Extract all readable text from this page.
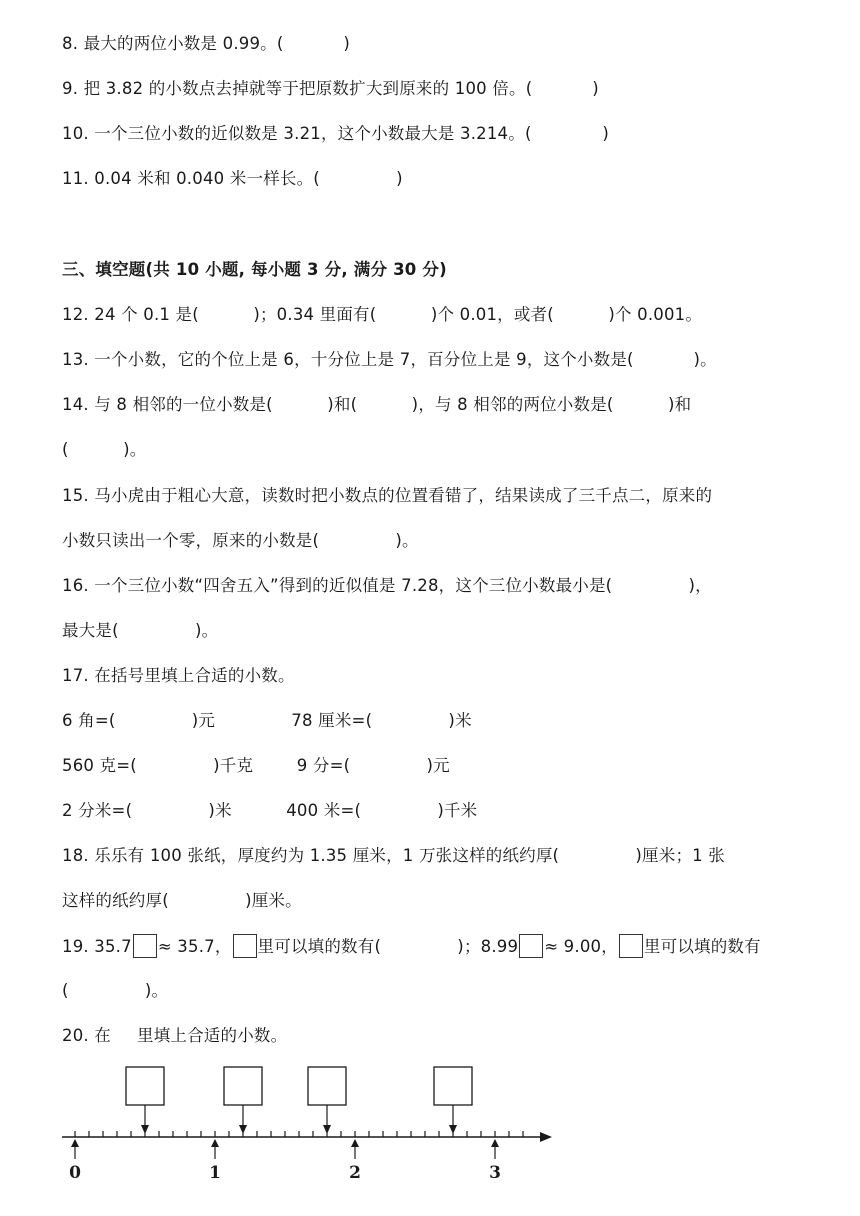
8. 最大的两位小数是 0.99。(           )
9. 把 3.82 的小数点去掉就等于把原数扩大到原来的 100 倍。(           )
10. 一个三位小数的近似数是 3.21，这个小数最大是 3.214。(             )
11. 0.04 米和 0.040 米一样长。(              )
三、填空题(共 10 小题, 每小题 3 分, 满分 30 分)
12. 24 个 0.1 是(          )；0.34 里面有(          )个 0.01，或者(          )个 0.001。
13. 一个小数，它的个位上是 6，十分位上是 7，百分位上是 9，这个小数是(           )。
14. 与 8 相邻的一位小数是(          )和(          )，与 8 相邻的两位小数是(          )和
(          )。
15. 马小虎由于粗心大意，读数时把小数点的位置看错了，结果读成了三千点二，原来的
小数只读出一个零，原来的小数是(              )。
16. 一个三位小数“四舍五入”得到的近似值是 7.28，这个三位小数最小是(              )，
最大是(              )。
17. 在括号里填上合适的小数。
6 角=(              )元              78 厘米=(              )米
560 克=(              )千克        9 分=(              )元
2 分米=(              )米          400 米=(              )千米
18. 乐乐有 100 张纸，厚度约为 1.35 厘米，1 万张这样的纸约厚(              )厘米；1 张
这样的纸约厚(              )厘米。
19. 35.7 ≈ 35.7， 里可以填的数有(              )；8.99 ≈ 9.00， 里可以填的数有
(              )。
20. 在 里填上合适的小数。
0	1	2	3
